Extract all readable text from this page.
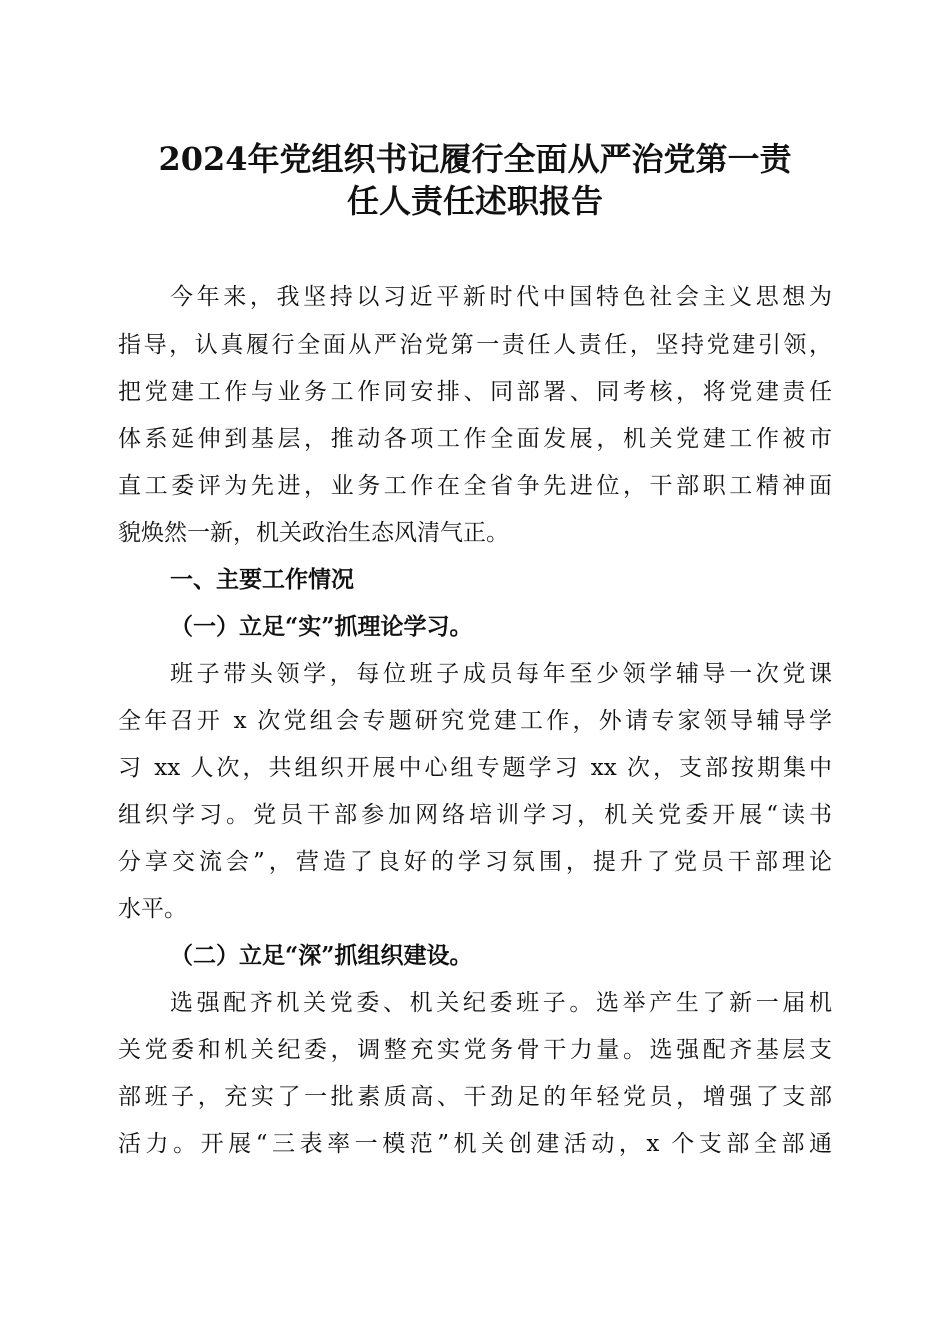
2024年党组织书记履行全面从严治党第一责
任人责任述职报告
今年来，我坚持以习近平新时代中国特色社会主义思想为
指导，认真履行全面从严治党第一责任人责任，坚持党建引领，
把党建工作与业务工作同安排、同部署、同考核，将党建责任
体系延伸到基层，推动各项工作全面发展，机关党建工作被市
直工委评为先进，业务工作在全省争先进位，干部职工精神面
貌焕然一新，机关政治生态风清气正。
一、主要工作情况
（一）立足“实”抓理论学习。
班子带头领学，每位班子成员每年至少领学辅导一次党课
全年召开 x 次党组会专题研究党建工作，外请专家领导辅导学
习 xx 人次，共组织开展中心组专题学习 xx 次，支部按期集中
组织学习。党员干部参加网络培训学习，机关党委开展“读书
分享交流会”，营造了良好的学习氛围，提升了党员干部理论
水平。
（二）立足“深”抓组织建设。
选强配齐机关党委、机关纪委班子。选举产生了新一届机
关党委和机关纪委，调整充实党务骨干力量。选强配齐基层支
部班子，充实了一批素质高、干劲足的年轻党员，增强了支部
活力。开展“三表率一模范”机关创建活动，x 个支部全部通
